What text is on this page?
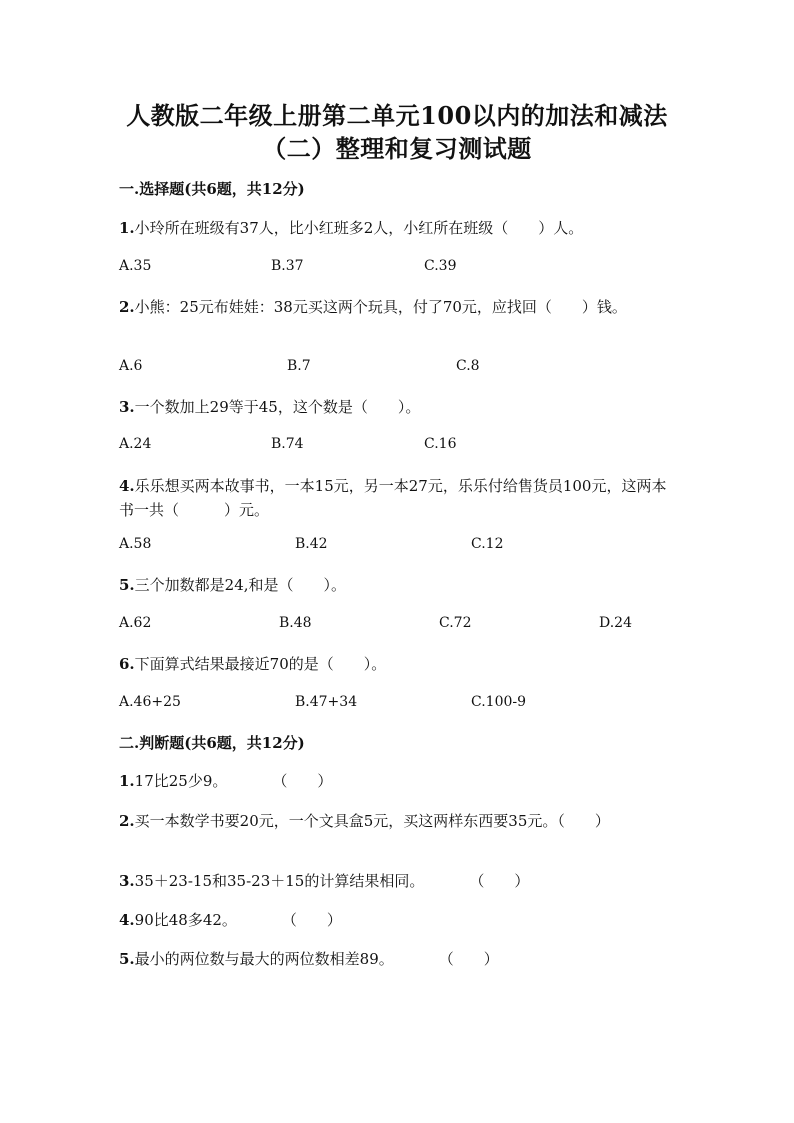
人教版二年级上册第二单元100以内的加法和减法
（二）整理和复习测试题
一.选择题(共6题，共12分)
1.小玲所在班级有37人，比小红班多2人，小红所在班级（　　）人。
A.35	B.37	C.39
2.小熊：25元布娃娃：38元买这两个玩具，付了70元，应找回（　　）钱。
A.6	B.7	C.8
3.一个数加上29等于45，这个数是（　　）。
A.24	B.74	C.16
4.乐乐想买两本故事书，一本15元，另一本27元，乐乐付给售货员100元，这两本书一共（　　　）元。
A.58	B.42	C.12
5.三个加数都是24,和是（　　）。
A.62	B.48	C.72	D.24
6.下面算式结果最接近70的是（　　）。
A.46+25	B.47+34	C.100-9
二.判断题(共6题，共12分)
1.17比25少9。　　　　（　　）
2.买一本数学书要20元，一个文具盒5元，买这两样东西要35元。（　　）
3.35＋23-15和35-23＋15的计算结果相同。　　　　（　　）
4.90比48多42。　　　　（　　）
5.最小的两位数与最大的两位数相差89。　　　　（　　）
